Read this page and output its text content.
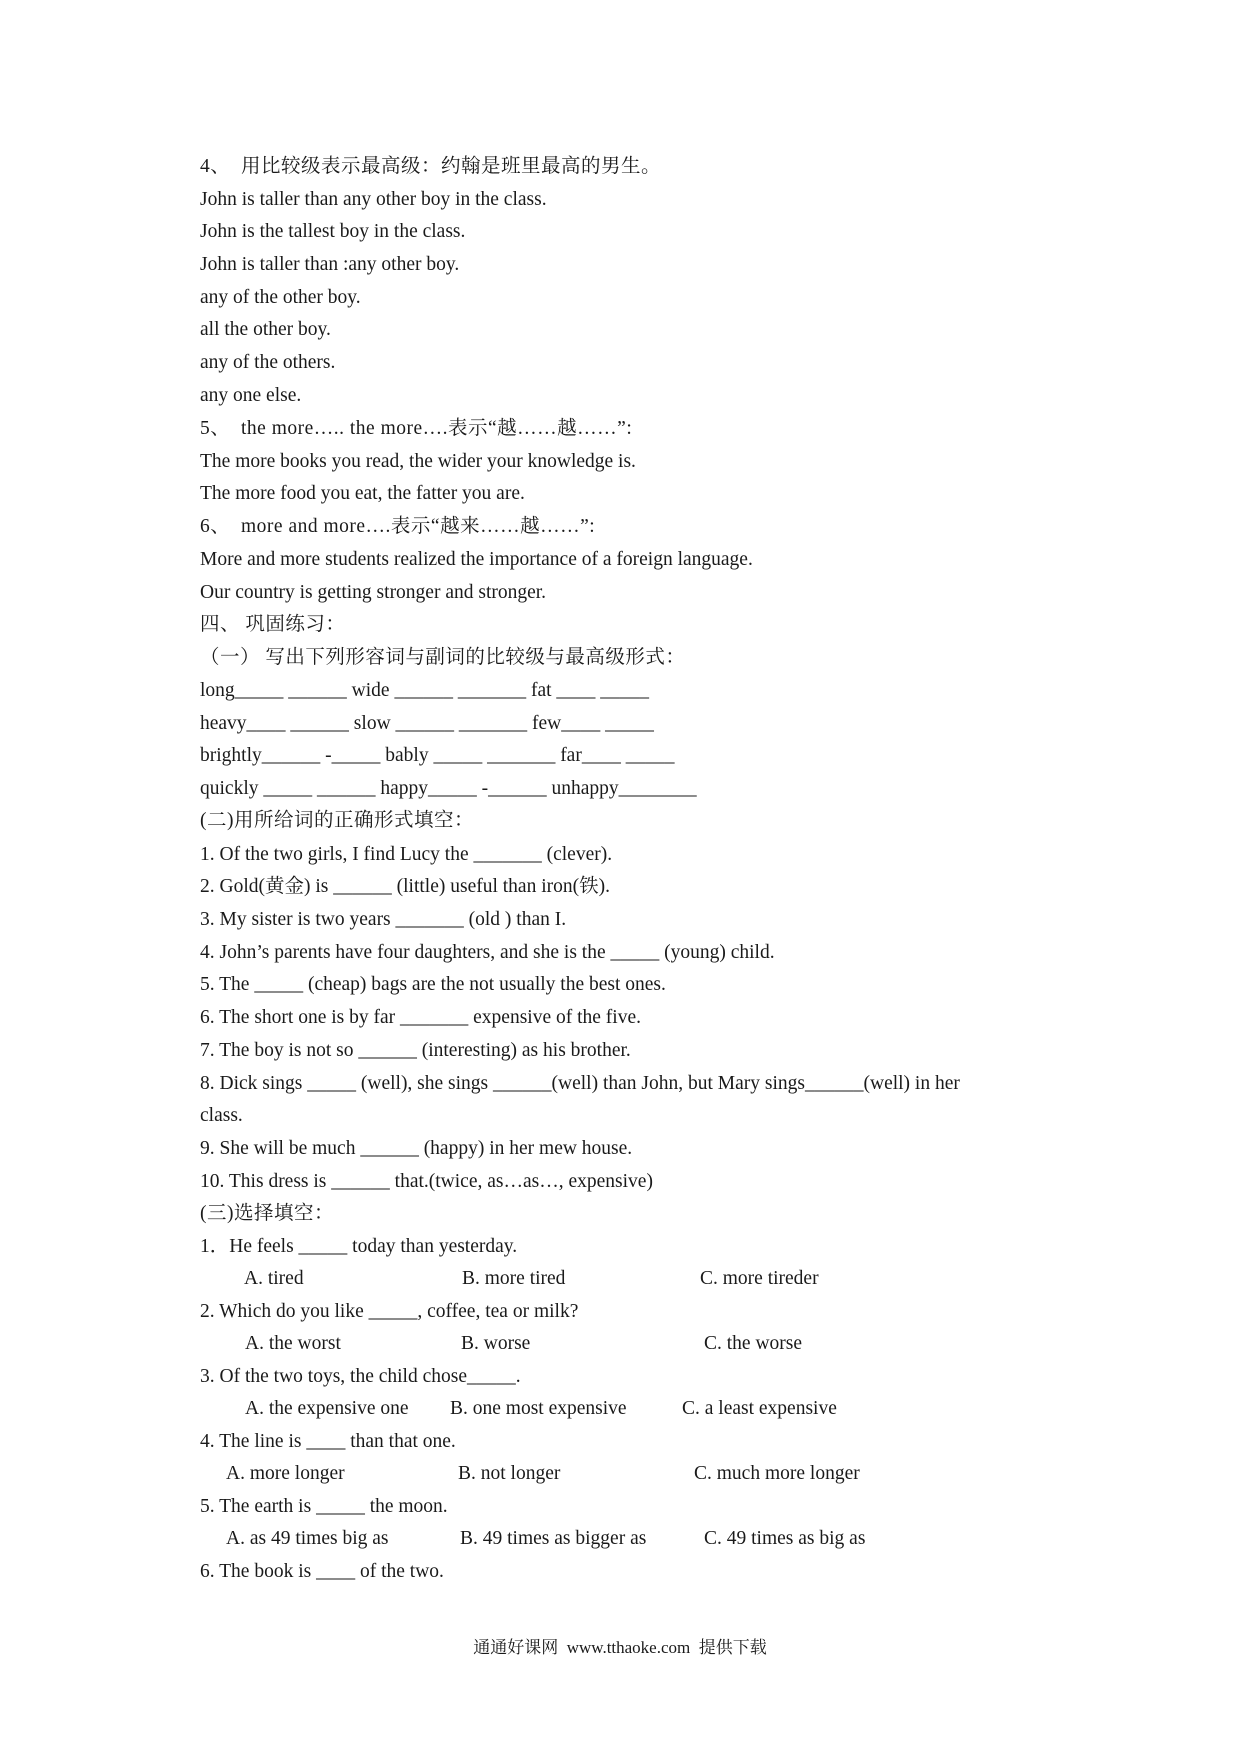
4、  用比较级表示最高级：约翰是班里最高的男生。
John is taller than any other boy in the class.
John is the tallest boy in the class.
John is taller than :any other boy.
any of the other boy.
all the other boy.
any of the others.
any one else.
5、  the more….. the more….表示“越……越……”:
The more books you read, the wider your knowledge is.
The more food you eat, the fatter you are.
6、  more and more….表示“越来……越……”:
More and more students realized the importance of a foreign language.
Our country is getting stronger and stronger.
四、 巩固练习：
（一） 写出下列形容词与副词的比较级与最高级形式：
long_____ ______ wide ______ _______ fat ____ _____
heavy____ ______ slow ______ _______ few____ _____
brightly______ -_____ bably _____ _______ far____ _____
quickly _____ ______ happy_____ -______ unhappy________
(二)用所给词的正确形式填空：
1. Of the two girls, I find Lucy the _______ (clever).
2. Gold(黄金) is ______ (little) useful than iron(铁).
3. My sister is two years _______ (old ) than I.
4. John’s parents have four daughters, and she is the _____ (young) child.
5. The _____ (cheap) bags are the not usually the best ones.
6. The short one is by far _______ expensive of the five.
7. The boy is not so ______ (interesting) as his brother.
8. Dick sings _____ (well), she sings ______(well) than John, but Mary sings______(well) in her
class.
9. She will be much ______ (happy) in her mew house.
10. This dress is ______ that.(twice, as…as…, expensive)
(三)选择填空：
1．He feels _____ today than yesterday.
A. tired	B. more tired	C. more tireder
2. Which do you like _____, coffee, tea or milk?
A. the worst	B. worse	C. the worse
3. Of the two toys, the child chose_____.
A. the expensive one B. one most expensive	C. a least expensive
4. The line is ____ than that one.
A. more longer	B. not longer	C. much more longer
5. The earth is _____ the moon.
A. as 49 times big as	B. 49 times as bigger as	C. 49 times as big as
6. The book is ____ of the two.
通通好课网  www.tthaoke.com  提供下载
